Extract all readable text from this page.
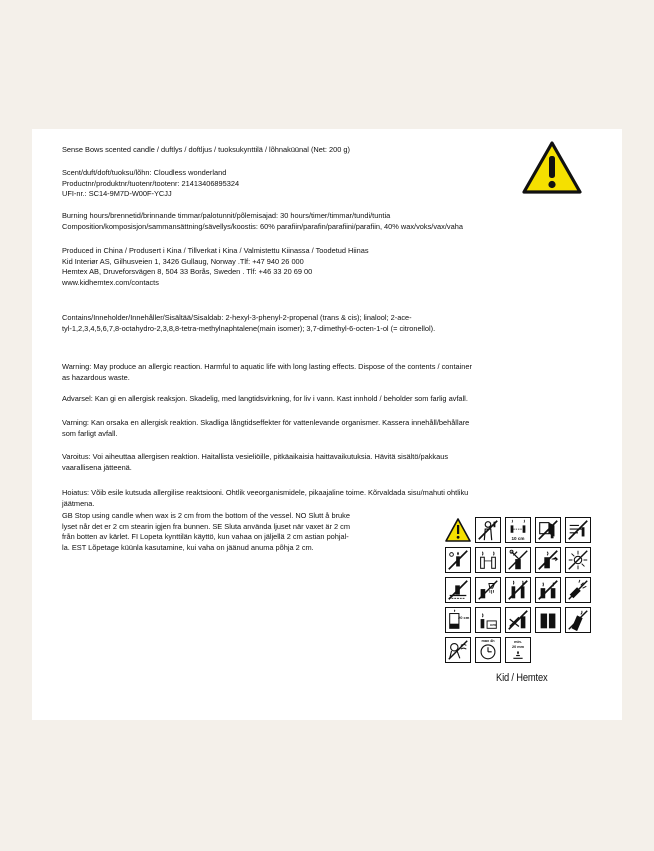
Sense Bows scented candle / duftlys / doftljus / tuoksukynttilä / lõhnaküünal (Net: 200 g)

Scent/duft/doft/tuoksu/lõhn: Cloudless wonderland

Productnr/produktnr/tuotenr/tootenr: 21413406895324

UFI-nr.: SC14-9M7D-W00F-YCJJ

Burning hours/brennetid/brinnande timmar/palotunnit/põlemisajad: 30 hours/timer/timmar/tundi/tuntia

Composition/komposisjon/sammansättning/sävellys/koostis: 60% parafiin/parafin/parafiini/parafiin, 40% wax/voks/vax/vaha

Produced in China / Produsert i Kina / Tillverkat i Kina / Valmistettu Kiinassa / Toodetud Hiinas

Kid Interiør AS, Gilhusveien 1, 3426 Gullaug, Norway .Tlf: +47 940 26 000

Hemtex AB, Druveforsvägen 8, 504 33 Borås, Sweden . Tlf: +46 33 20 69 00

www.kidhemtex.com/contacts

Contains/Inneholder/Innehåller/Sisältää/Sisaldab: 2-hexyl-3-phenyl-2-propenal (trans & cis); linalool; 2-ace-

tyl-1,2,3,4,5,6,7,8-octahydro-2,3,8,8-tetra-methylnaphtalene(main isomer); 3,7-dimethyl-6-octen-1-ol (= citronellol).

Warning: May produce an allergic reaction. Harmful to aquatic life with long lasting effects. Dispose of the contents / container

as hazardous waste.

Advarsel: Kan gi en allergisk reaksjon. Skadelig, med langtidsvirkning, for liv i vann. Kast innhold / beholder som farlig avfall.

Varning: Kan orsaka en allergisk reaktion. Skadliga långtidseffekter för vattenlevande organismer. Kassera innehåll/behållare

som farligt avfall.

Varoitus: Voi aiheuttaa allergisen reaktion. Haitallista vesieliöille, pitkäaikaisia haittavaikutuksia. Hävitä sisältö/pakkaus

vaarallisena jätteenä.

Hoiatus: Võib esile kutsuda allergilise reaktsiooni. Ohtlik veeorganismidele, pikaajaline toime. Kõrvaldada sisu/mahuti ohtliku

jäätmena.

GB Stop using candle when wax is 2 cm from the bottom of the vessel. NO Slutt å bruke

lyset når det er 2 cm stearin igjen fra bunnen. SE Sluta använda ljuset när vaxet är 2 cm

från botten av kärlet. FI Lopeta kynttilän käyttö, kun vahaa on jäljellä 2 cm astian pohjal-

la. EST Lõpetage küünla kasutamine, kui vaha on jäänud anuma põhja 2 cm.

10 cm
20 cm
cm
max 4h	min.
20 mm
Kid / Hemtex
